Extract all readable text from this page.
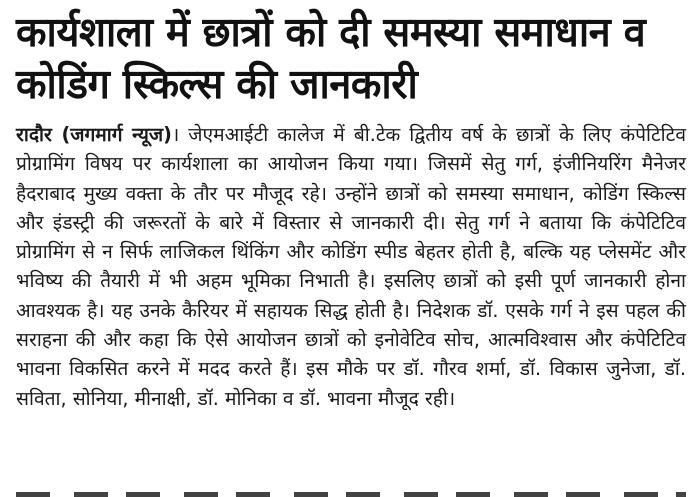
कार्यशाला में छात्रों को दी समस्या समाधान व
कोडिंग स्किल्स की जानकारी
रादौर (जगमार्ग न्यूज)। जेएमआईटी कालेज में बी.टेक द्वितीय वर्ष के छात्रों के लिए कंपेटिटिव प्रोग्रामिंग विषय पर कार्यशाला का आयोजन किया गया। जिसमें सेतु गर्ग, इंजीनियरिंग मैनेजर हैदराबाद मुख्य वक्ता के तौर पर मौजूद रहे। उन्होंने छात्रों को समस्या समाधान, कोडिंग स्किल्स और इंडस्ट्री की जरूरतों के बारे में विस्तार से जानकारी दी। सेतु गर्ग ने बताया कि कंपेटिटिव प्रोग्रामिंग से न सिर्फ लाजिकल थिंकिंग और कोडिंग स्पीड बेहतर होती है, बल्कि यह प्लेसमेंट और भविष्य की तैयारी में भी अहम भूमिका निभाती है। इसलिए छात्रों को इसी पूर्ण जानकारी होना आवश्यक है। यह उनके कैरियर में सहायक सिद्ध होती है। निदेशक डॉ. एसके गर्ग ने इस पहल की सराहना की और कहा कि ऐसे आयोजन छात्रों को इनोवेटिव सोच, आत्मविश्वास और कंपेटिटिव भावना विकसित करने में मदद करते हैं। इस मौके पर डॉ. गौरव शर्मा, डॉ. विकास जुनेजा, डॉ. सविता, सोनिया, मीनाक्षी, डॉ. मोनिका व डॉ. भावना मौजूद रही।
